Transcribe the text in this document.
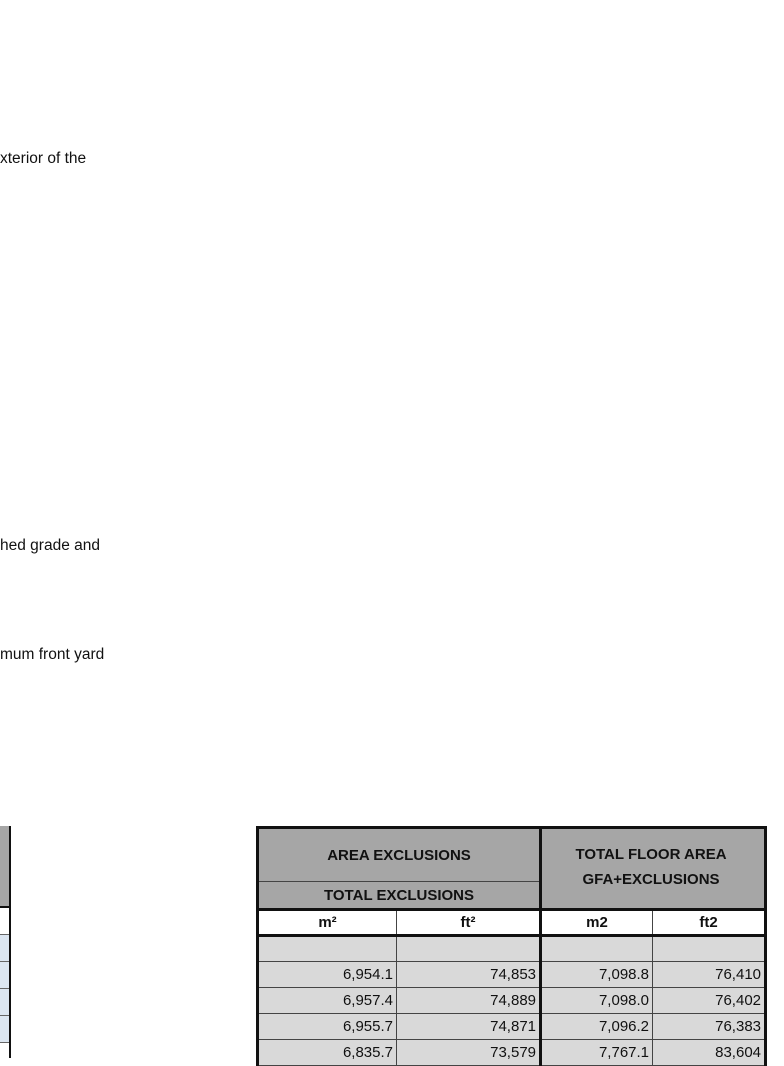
xterior of the
hed grade and
mum front yard
AREA EXCLUSIONS			
TOTAL EXCLUSIONS			
m²	ft²	m2	ft2

6,954.1	74,853	7,098.8	76,410
6,957.4	74,889	7,098.0	76,402
6,955.7	74,871	7,096.2	76,383
6,835.7	73,579	7,767.1	83,604
TOTAL FLOOR AREA
GFA+EXCLUSIONS
